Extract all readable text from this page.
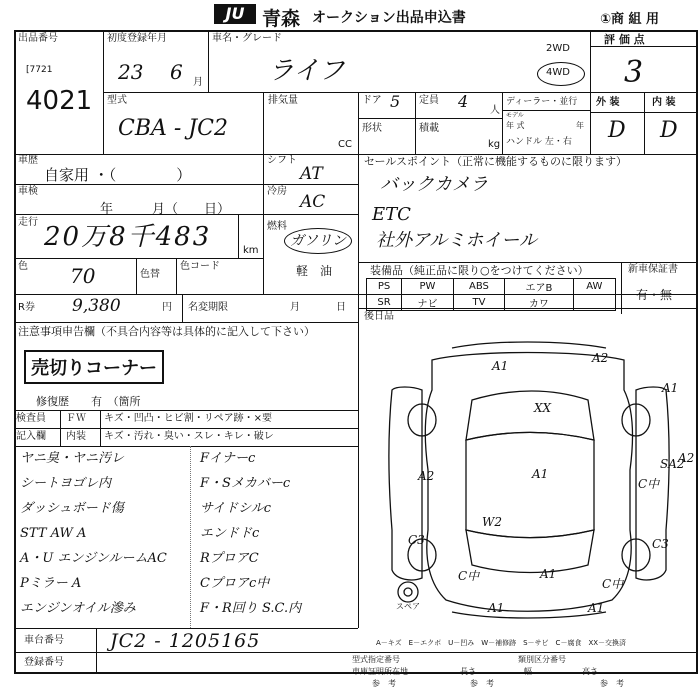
JU 青森 オークション出品申込書	①商 組 用
出品番号
[7721
4021
初度登録年月
23 6 月
車名・グレード
ライフ
2WD
4WD
評 価 点
3
型式
CBA - JC2
排気量
CC
ドア 5 定員 4 人
形状	積載
kg
ディーラー・並行
モデル
年 式	年
ハンドル 左・右
外 装	内 装
D D
車歴
自家用 ・（　　　　）
車検
年　　　月（　　日）
走行 20万8千483	km
色 70	色替
色コード
シフト
AT
冷房
AC
燃料
ガソリン
軽　油
セールスポイント（正常に機能するものに限ります）
バックカメラ
ETC
社外アルミホイール
装備品（純正品に限り○をつけてください）	新車保証書
有・無
PS	PW	ABS	エアB	AW
SR	ナビ	TV	カワ	
後日品
R券 9,380	円 名変期限	月	日
注意事項申告欄（不具合内容等は具体的に記入して下さい）
売切りコーナー
修復歴　　有　（箇所
検査員 ＦＷ キズ・凹凸・ヒビ割・リペア跡・×要
記入欄 内装 キズ・汚れ・臭い・スレ・キレ・破レ
ヤニ臭・ヤニ汚レ	Fイナーc
シートヨゴレ内	F・Sメカバーc
ダッシュボード傷	サイドシルc
STT AW A	エンドドc
A・U エンジンルームAC	RプロアC
Pミラー A	Cプロアc中
エンジンオイル滲み	F・R回り S.C.内
車台番号 JC2 - 1205165
登録番号
A1
A2
A1
XX
A2	A1
SA2
A2
C中
C3
W2
C3
A1
C中
C中
A1	A1
スペア
A－キズ　E－エクボ　U－凹み　W－補修跡　S－サビ　C－腐食　XX－交換済
型式指定番号	類別区分番号
車庫証明所在地	長さ	幅	高さ
参　考	参　考	参　考
